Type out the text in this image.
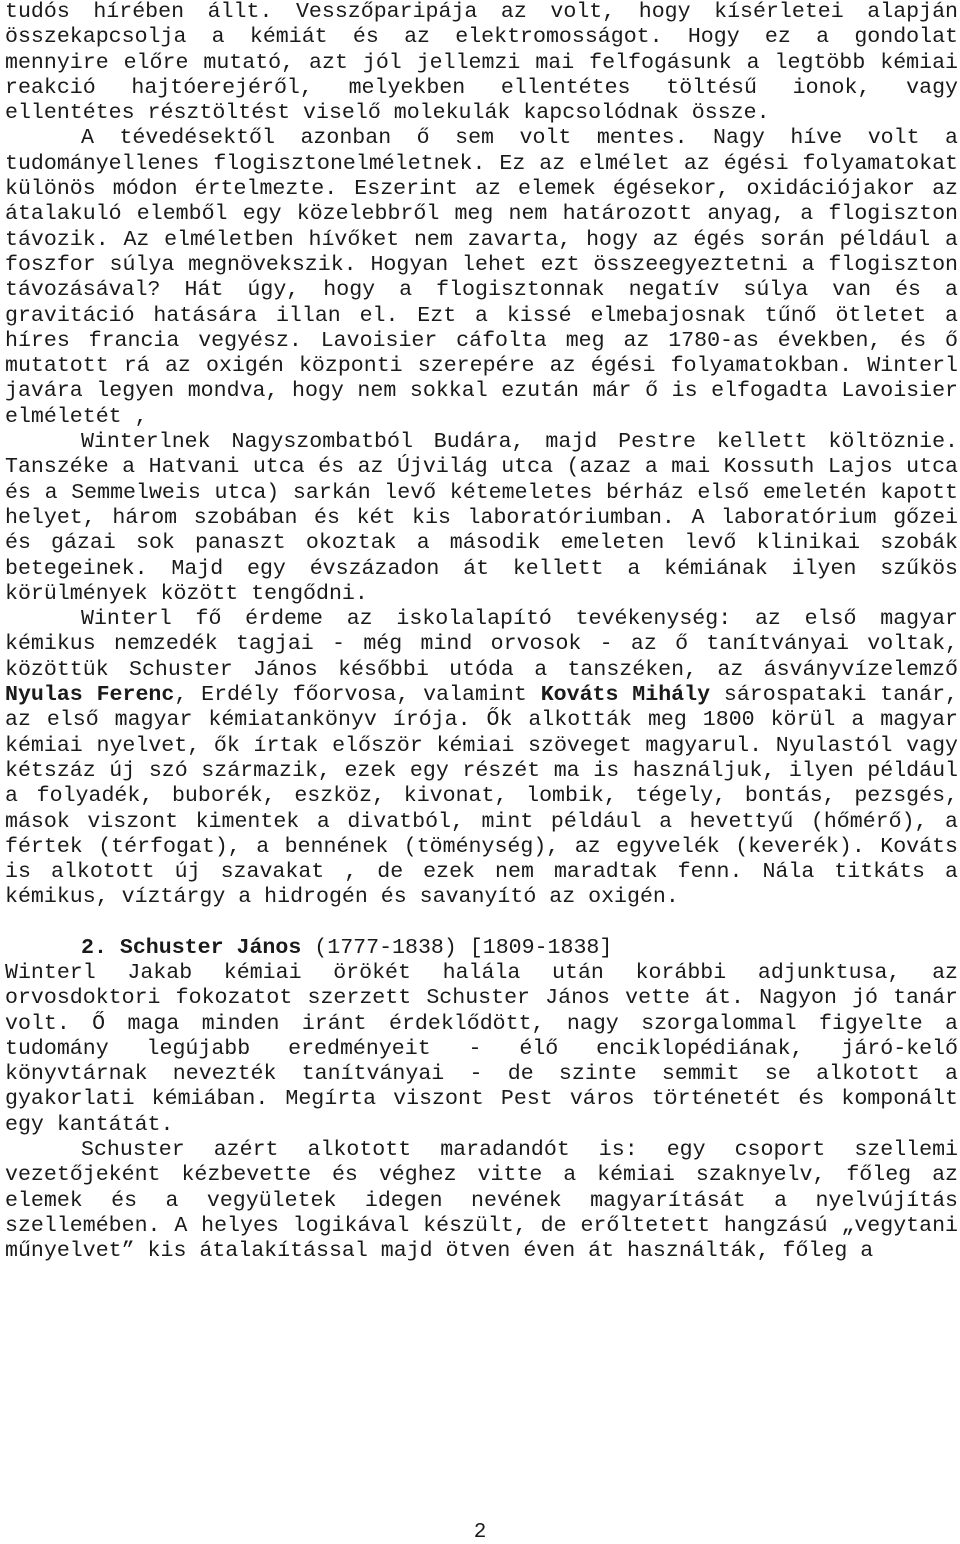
tudós hírében állt. Vesszőparipája az volt, hogy kísérletei alapján összekapcsolja a kémiát és az elektromosságot. Hogy ez a gondolat mennyire előre mutató, azt jól jellemzi mai felfogásunk a legtöbb kémiai reakció hajtóerejéről, melyekben ellentétes töltésű ionok, vagy ellentétes résztöltést viselő molekulák kapcsolódnak össze.

A tévedésektől azonban ő sem volt mentes. Nagy híve volt a tudományellenes flogisztonelméletnek. Ez az elmélet az égési folyamatokat különös módon értelmezte. Eszerint az elemek égésekor, oxidációjakor az átalakuló elemből egy közelebbről meg nem határozott anyag, a flogiszton távozik. Az elméletben hívőket nem zavarta, hogy az égés során például a foszfor súlya megnövekszik. Hogyan lehet ezt összeegyeztetni a flogiszton távozásával? Hát úgy, hogy a flogisztonnak negatív súlya van és a gravitáció hatására illan el. Ezt a kissé elmebajosnak tűnő ötletet a híres francia vegyész. Lavoisier cáfolta meg az 1780-as években, és ő mutatott rá az oxigén központi szerepére az égési folyamatokban. Winterl javára legyen mondva, hogy nem sokkal ezután már ő is elfogadta Lavoisier elméletét ,

Winterlnek Nagyszombatból Budára, majd Pestre kellett költöznie. Tanszéke a Hatvani utca és az Újvilág utca (azaz a mai Kossuth Lajos utca és a Semmelweis utca) sarkán levő kétemeletes bérház első emeletén kapott helyet, három szobában és két kis laboratóriumban. A laboratórium gőzei és gázai sok panaszt okoztak a második emeleten levő klinikai szobák betegeinek. Majd egy évszázadon át kellett a kémiának ilyen szűkös körülmények között tengődni.

Winterl fő érdeme az iskolalapító tevékenység: az első magyar kémikus nemzedék tagjai - még mind orvosok - az ő tanítványai voltak, közöttük Schuster János későbbi utóda a tanszéken, az ásványvízelemző Nyulas Ferenc, Erdély főorvosa, valamint Kováts Mihály sárospataki tanár, az első magyar kémiatankönyv írója. Ők alkották meg 1800 körül a magyar kémiai nyelvet, ők írtak először kémiai szöveget magyarul. Nyulastól vagy kétszáz új szó származik, ezek egy részét ma is használjuk, ilyen például a folyadék, buborék, eszköz, kivonat, lombik, tégely, bontás, pezsgés, mások viszont kimentek a divatból, mint például a hevettyű (hőmérő), a fértek (térfogat), a bennének (töménység), az egyvelék (keverék). Kováts is alkotott új szavakat , de ezek nem maradtak fenn. Nála titkáts a kémikus, víztárgy a hidrogén és savanyító az oxigén.

2. Schuster János (1777-1838) [1809-1838]

Winterl Jakab kémiai örökét halála után korábbi adjunktusa, az orvosdoktori fokozatot szerzett Schuster János vette át. Nagyon jó tanár volt. Ő maga minden iránt érdeklődött, nagy szorgalommal figyelte a tudomány legújabb eredményeit - élő enciklopédiának, járó-kelő könyvtárnak nevezték tanítványai - de szinte semmit se alkotott a gyakorlati kémiában. Megírta viszont Pest város történetét és komponált egy kantátát.

Schuster azért alkotott maradandót is: egy csoport szellemi vezetőjeként kézbevette és véghez vitte a kémiai szaknyelv, főleg az elemek és a vegyületek idegen nevének magyarítását a nyelvújítás szellemében. A helyes logikával készült, de erőltetett hangzású „vegytani műnyelvet” kis átalakítással majd ötven éven át használták, főleg a

2
